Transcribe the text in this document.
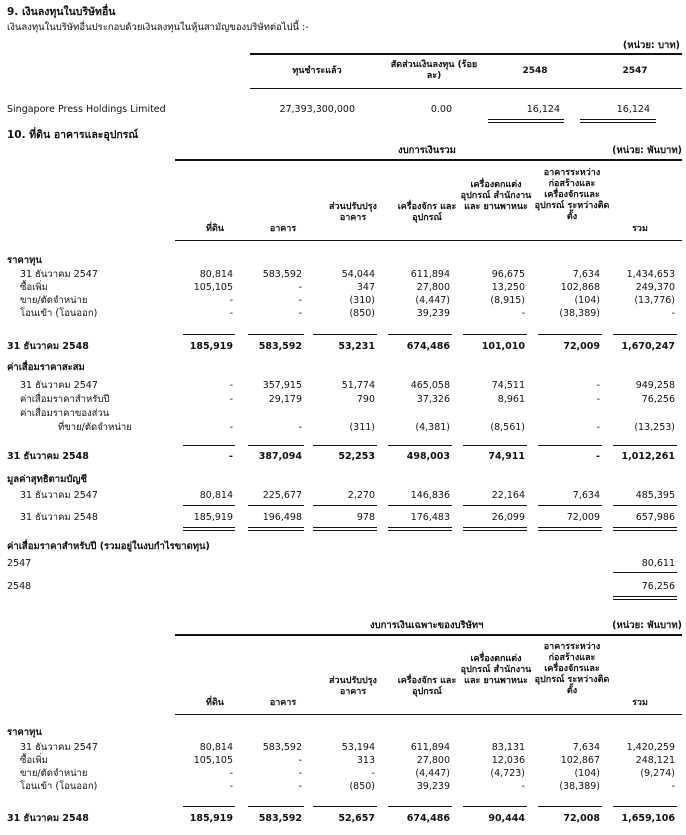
9. เงินลงทุนในบริษัทอื่น
เงินลงทุนในบริษัทอื่นประกอบด้วยเงินลงทุนในหุ้นสามัญของบริษัทต่อไปนี้ :-
(หน่วย: บาท)
ทุนชำระแล้ว
สัดส่วนเงินลงทุน (ร้อยละ)	2548	2547
Singapore Press Holdings Limited	27,393,300,000	0.00	16,124	16,124
10. ที่ดิน อาคารและอุปกรณ์
งบการเงินรวม	(หน่วย: พันบาท)
ที่ดิน	อาคาร
ส่วนปรับปรุง อาคาร
เครื่องจักร และอุปกรณ์
เครื่องตกแต่ง อุปกรณ์ สำนักงาน และ ยานพาหนะ
อาคารระหว่าง ก่อสร้างและ เครื่องจักรและ อุปกรณ์ ระหว่างติดตั้ง
รวม
ราคาทุน
31 ธันวาคม 2547	80,814	583,592	54,044	611,894	96,675	7,634	1,434,653
ซื้อเพิ่ม	105,105	-	347	27,800	13,250	102,868	249,370
ขาย/ตัดจำหน่าย	-	-	(310)	(4,447)	(8,915)	(104)	(13,776)
โอนเข้า (โอนออก)	-	-	(850)	39,239	-	(38,389)	-
31 ธันวาคม 2548	185,919	583,592	53,231	674,486	101,010	72,009	1,670,247
ค่าเสื่อมราคาสะสม
31 ธันวาคม 2547	-	357,915	51,774	465,058	74,511	-	949,258
ค่าเสื่อมราคาสำหรับปี	-	29,179	790	37,326	8,961	-	76,256
ค่าเสื่อมราคาของส่วน
ที่ขาย/ตัดจำหน่าย	-	-	(311)	(4,381)	(8,561)	-	(13,253)
31 ธันวาคม 2548	-	387,094	52,253	498,003	74,911	-	1,012,261
มูลค่าสุทธิตามบัญชี
31 ธันวาคม 2547	80,814	225,677	2,270	146,836	22,164	7,634	485,395
31 ธันวาคม 2548	185,919	196,498	978	176,483	26,099	72,009	657,986
ค่าเสื่อมราคาสำหรับปี (รวมอยู่ในงบกำไรขาดทุน)
2547	80,611
2548	76,256
งบการเงินเฉพาะของบริษัทฯ	(หน่วย: พันบาท)
ที่ดิน	อาคาร
ส่วนปรับปรุง อาคาร
เครื่องจักร และอุปกรณ์
เครื่องตกแต่ง อุปกรณ์ สำนักงาน และ ยานพาหนะ
อาคารระหว่าง ก่อสร้างและ เครื่องจักรและ อุปกรณ์ ระหว่างติดตั้ง
รวม
ราคาทุน
31 ธันวาคม 2547	80,814	583,592	53,194	611,894	83,131	7,634	1,420,259
ซื้อเพิ่ม	105,105	-	313	27,800	12,036	102,867	248,121
ขาย/ตัดจำหน่าย	-	-	-	(4,447)	(4,723)	(104)	(9,274)
โอนเข้า (โอนออก)	-	-	(850)	39,239	-	(38,389)	-
31 ธันวาคม 2548	185,919	583,592	52,657	674,486	90,444	72,008	1,659,106
